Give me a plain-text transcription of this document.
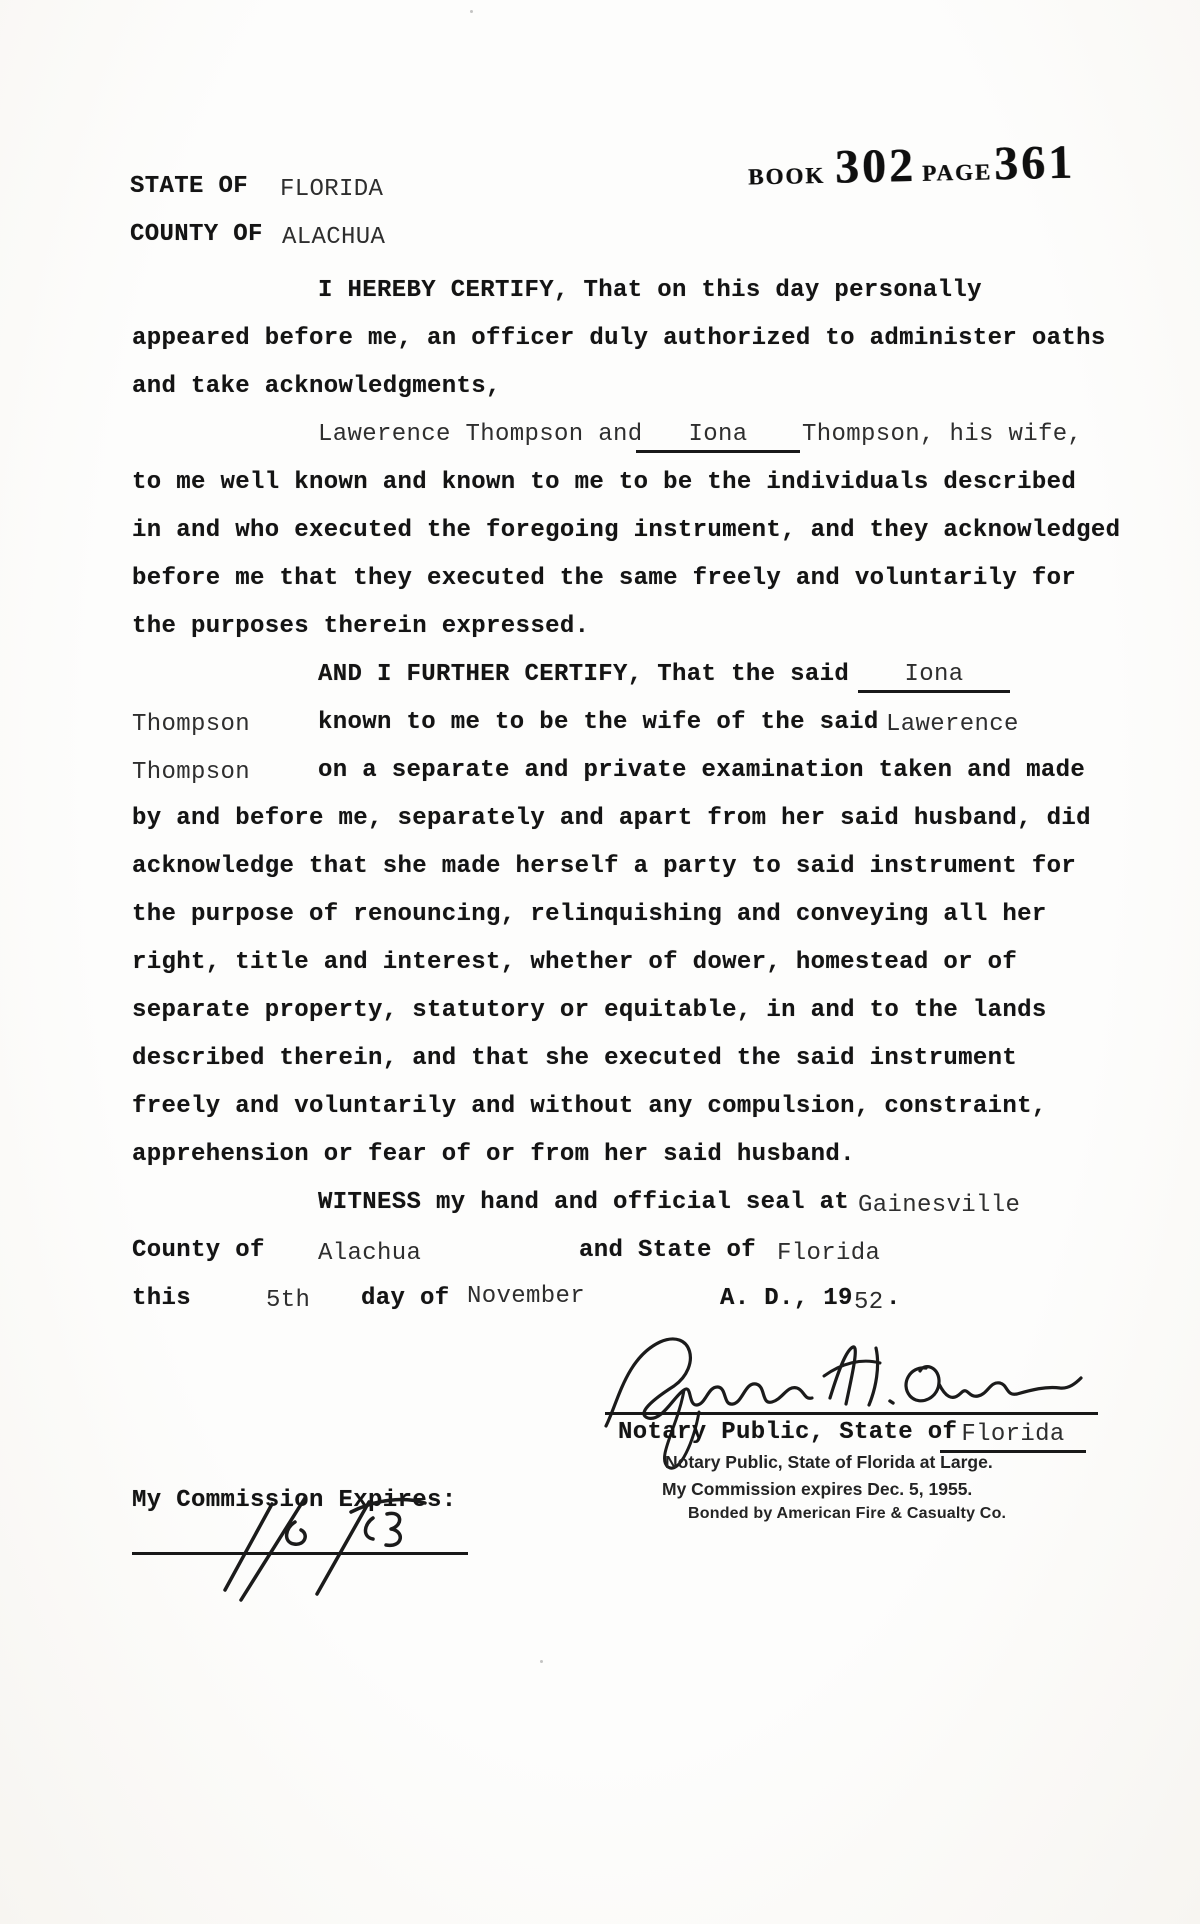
STATE OF FLORIDA
COUNTY OF ALACHUA
BOOK 302 PAGE 361
I HEREBY CERTIFY, That on this day personally
appeared before me, an officer duly authorized to administer oaths
and take acknowledgments,
Lawerence Thompson and	Iona	Thompson, his wife,
to me well known and known to me to be the individuals described
in and who executed the foregoing instrument, and they acknowledged
before me that they executed the same freely and voluntarily for
the purposes therein expressed.
AND I FURTHER CERTIFY, That the said	Iona
Thompson	known to me to be the wife of the said Lawerence
Thompson	on a separate and private examination taken and made
by and before me, separately and apart from her said husband, did
acknowledge that she made herself a party to said instrument for
the purpose of renouncing, relinquishing and conveying all her
right, title and interest, whether of dower, homestead or of
separate property, statutory or equitable, in and to the lands
described therein, and that she executed the said instrument
freely and voluntarily and without any compulsion, constraint,
apprehension or fear of or from her said husband.
WITNESS my hand and official seal at Gainesville
County of Alachua	and State of Florida
this	5th day of November	A. D., 19 52 .
Notary Public, State of Florida
Notary Public, State of Florida at Large.
My Commission expires Dec. 5, 1955.
Bonded by American Fire & Casualty Co.
My Commission Expires:
